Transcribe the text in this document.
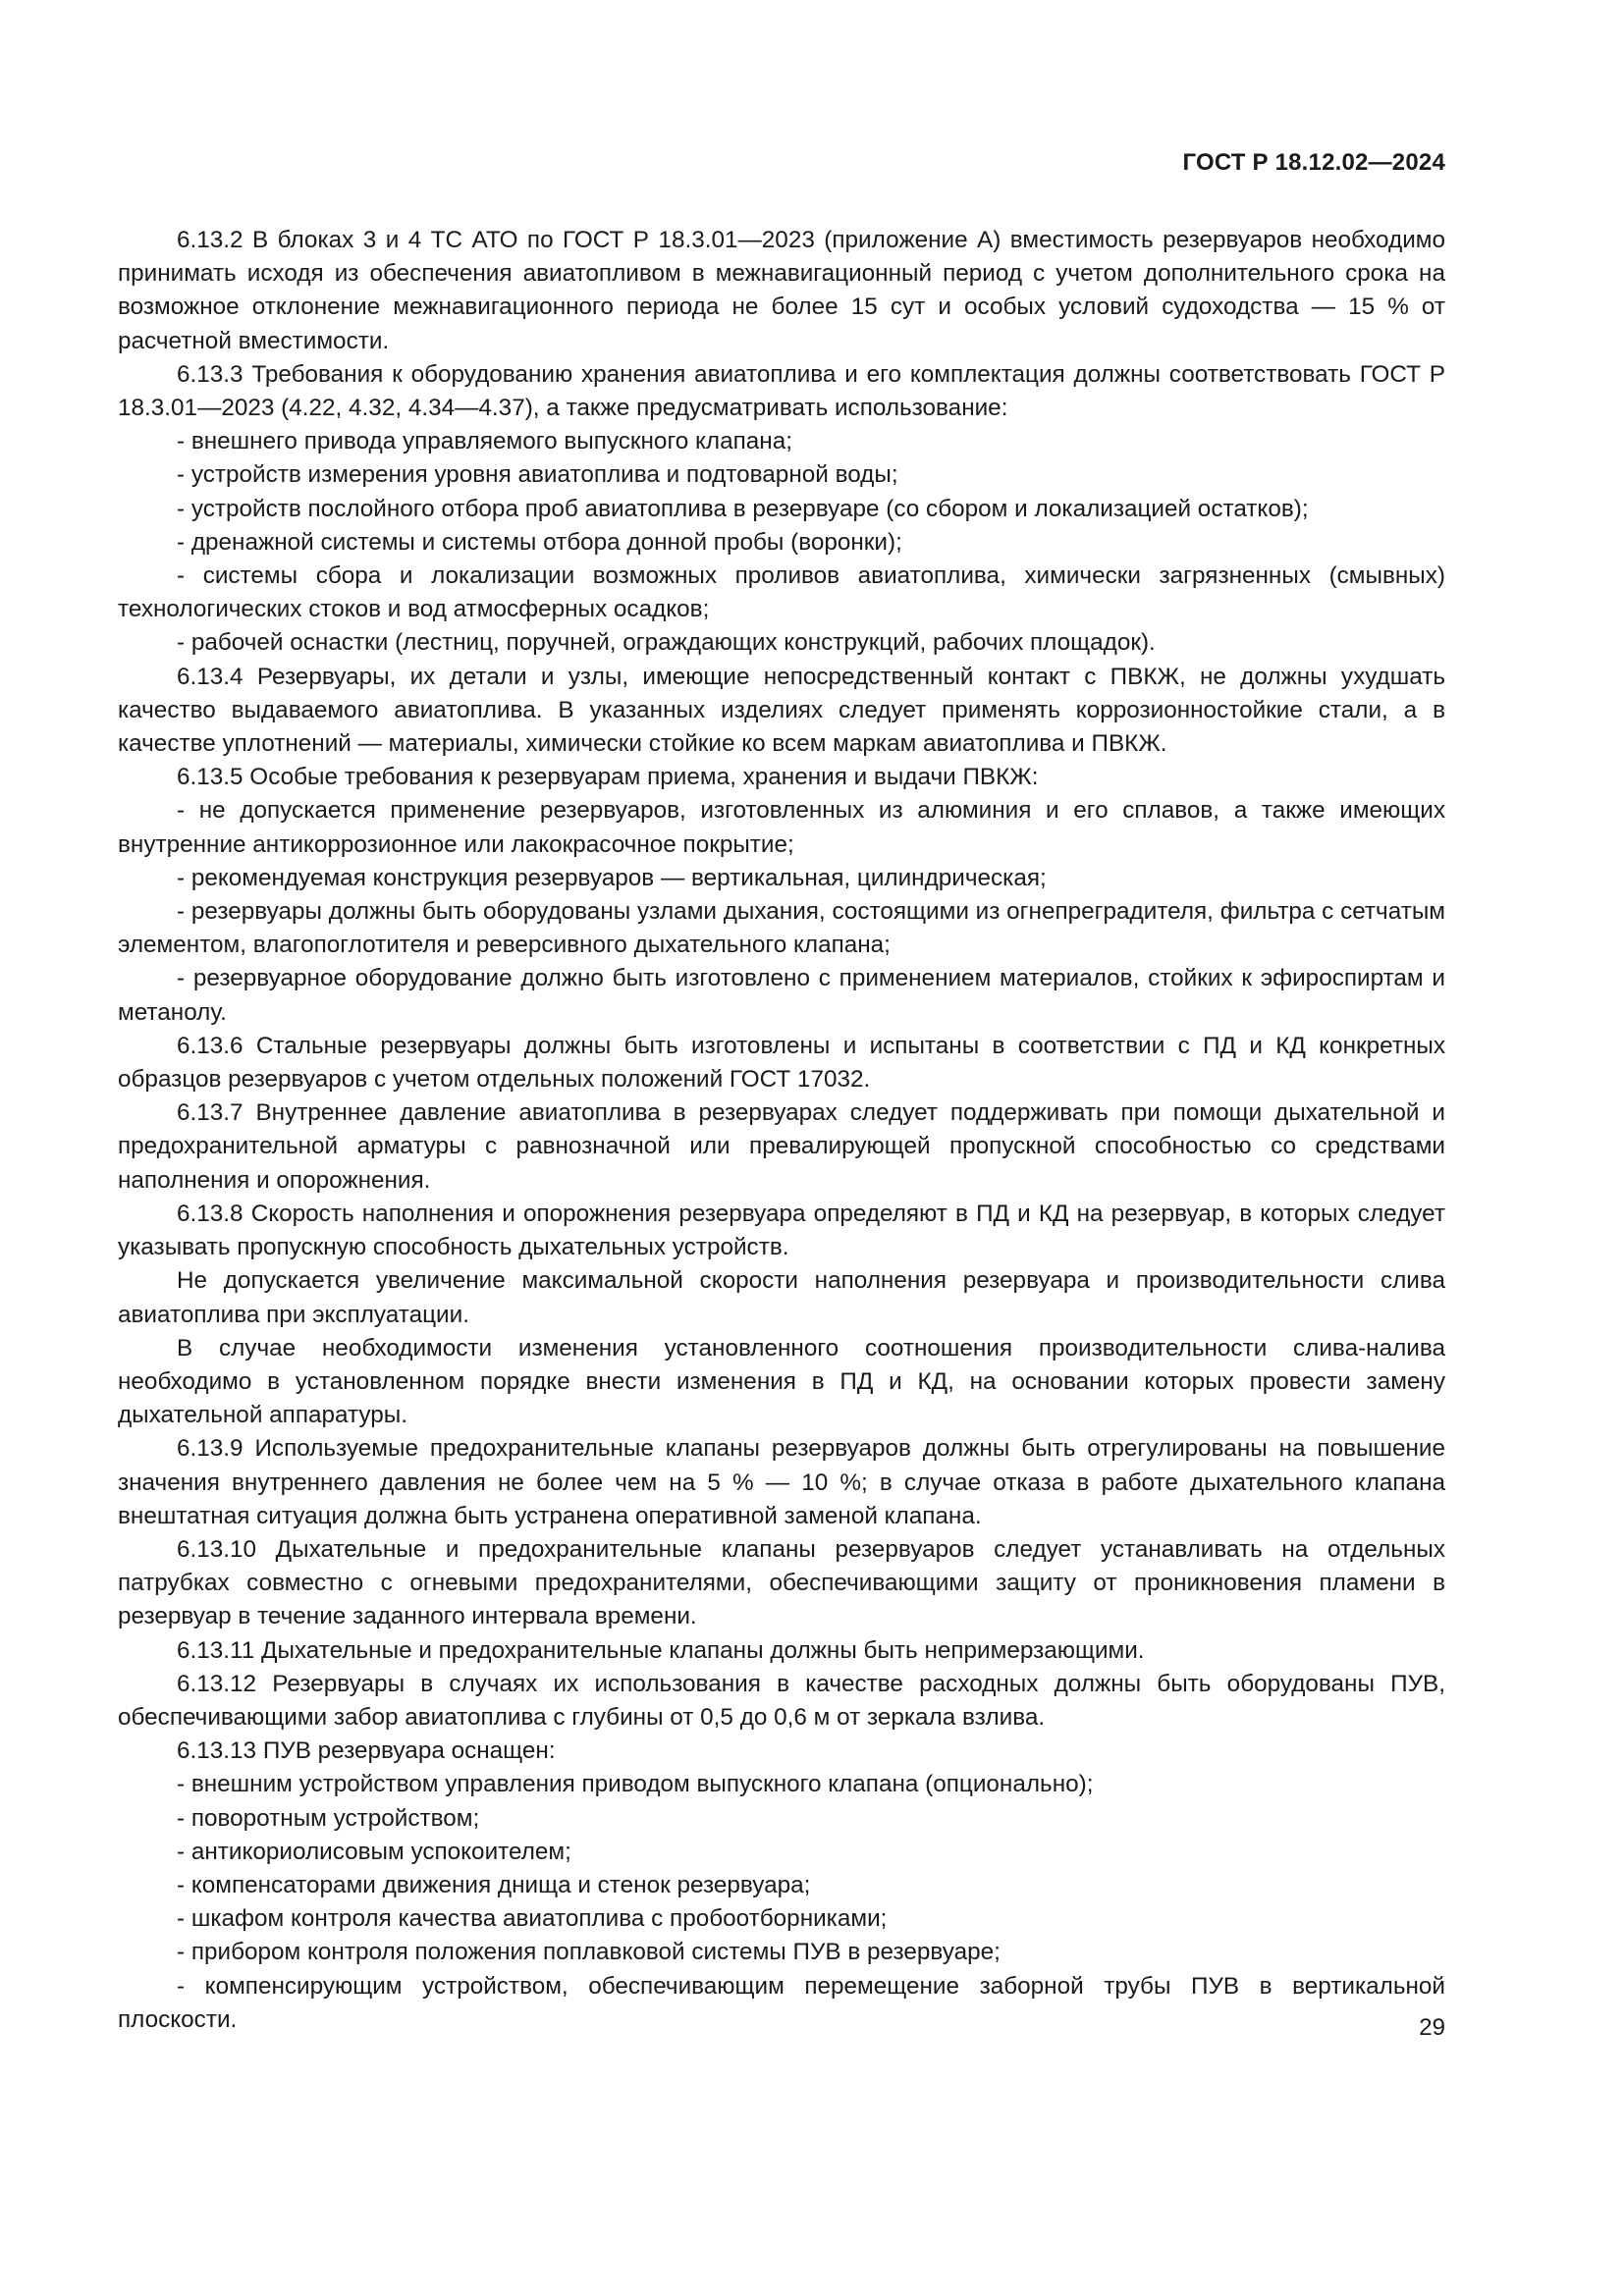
ГОСТ Р 18.12.02—2024

6.13.2 В блоках 3 и 4 ТС АТО по ГОСТ Р 18.3.01—2023 (приложение А) вместимость резервуаров необходимо принимать исходя из обеспечения авиатопливом в межнавигационный период с учетом дополнительного срока на возможное отклонение межнавигационного периода не более 15 сут и особых условий судоходства — 15 % от расчетной вместимости.

6.13.3 Требования к оборудованию хранения авиатоплива и его комплектация должны соответствовать ГОСТ Р 18.3.01—2023 (4.22, 4.32, 4.34—4.37), а также предусматривать использование:

- внешнего привода управляемого выпускного клапана;

- устройств измерения уровня авиатоплива и подтоварной воды;

- устройств послойного отбора проб авиатоплива в резервуаре (со сбором и локализацией остатков);

- дренажной системы и системы отбора донной пробы (воронки);

- системы сбора и локализации возможных проливов авиатоплива, химически загрязненных (смывных) технологических стоков и вод атмосферных осадков;

- рабочей оснастки (лестниц, поручней, ограждающих конструкций, рабочих площадок).

6.13.4 Резервуары, их детали и узлы, имеющие непосредственный контакт с ПВКЖ, не должны ухудшать качество выдаваемого авиатоплива. В указанных изделиях следует применять коррозионностойкие стали, а в качестве уплотнений — материалы, химически стойкие ко всем маркам авиатоплива и ПВКЖ.

6.13.5 Особые требования к резервуарам приема, хранения и выдачи ПВКЖ:

- не допускается применение резервуаров, изготовленных из алюминия и его сплавов, а также имеющих внутренние антикоррозионное или лакокрасочное покрытие;

- рекомендуемая конструкция резервуаров — вертикальная, цилиндрическая;

- резервуары должны быть оборудованы узлами дыхания, состоящими из огнепреградителя, фильтра с сетчатым элементом, влагопоглотителя и реверсивного дыхательного клапана;

- резервуарное оборудование должно быть изготовлено с применением материалов, стойких к эфироспиртам и метанолу.

6.13.6 Стальные резервуары должны быть изготовлены и испытаны в соответствии с ПД и КД конкретных образцов резервуаров с учетом отдельных положений ГОСТ 17032.

6.13.7 Внутреннее давление авиатоплива в резервуарах следует поддерживать при помощи дыхательной и предохранительной арматуры с равнозначной или превалирующей пропускной способностью со средствами наполнения и опорожнения.

6.13.8 Скорость наполнения и опорожнения резервуара определяют в ПД и КД на резервуар, в которых следует указывать пропускную способность дыхательных устройств.

Не допускается увеличение максимальной скорости наполнения резервуара и производительности слива авиатоплива при эксплуатации.

В случае необходимости изменения установленного соотношения производительности слива-налива необходимо в установленном порядке внести изменения в ПД и КД, на основании которых провести замену дыхательной аппаратуры.

6.13.9 Используемые предохранительные клапаны резервуаров должны быть отрегулированы на повышение значения внутреннего давления не более чем на 5 % — 10 %; в случае отказа в работе дыхательного клапана внештатная ситуация должна быть устранена оперативной заменой клапана.

6.13.10 Дыхательные и предохранительные клапаны резервуаров следует устанавливать на отдельных патрубках совместно с огневыми предохранителями, обеспечивающими защиту от проникновения пламени в резервуар в течение заданного интервала времени.

6.13.11 Дыхательные и предохранительные клапаны должны быть непримерзающими.

6.13.12 Резервуары в случаях их использования в качестве расходных должны быть оборудованы ПУВ, обеспечивающими забор авиатоплива с глубины от 0,5 до 0,6 м от зеркала взлива.

6.13.13 ПУВ резервуара оснащен:

- внешним устройством управления приводом выпускного клапана (опционально);

- поворотным устройством;

- антикориолисовым успокоителем;

- компенсаторами движения днища и стенок резервуара;

- шкафом контроля качества авиатоплива с пробоотборниками;

- прибором контроля положения поплавковой системы ПУВ в резервуаре;

- компенсирующим устройством, обеспечивающим перемещение заборной трубы ПУВ в вертикальной плоскости.	29
